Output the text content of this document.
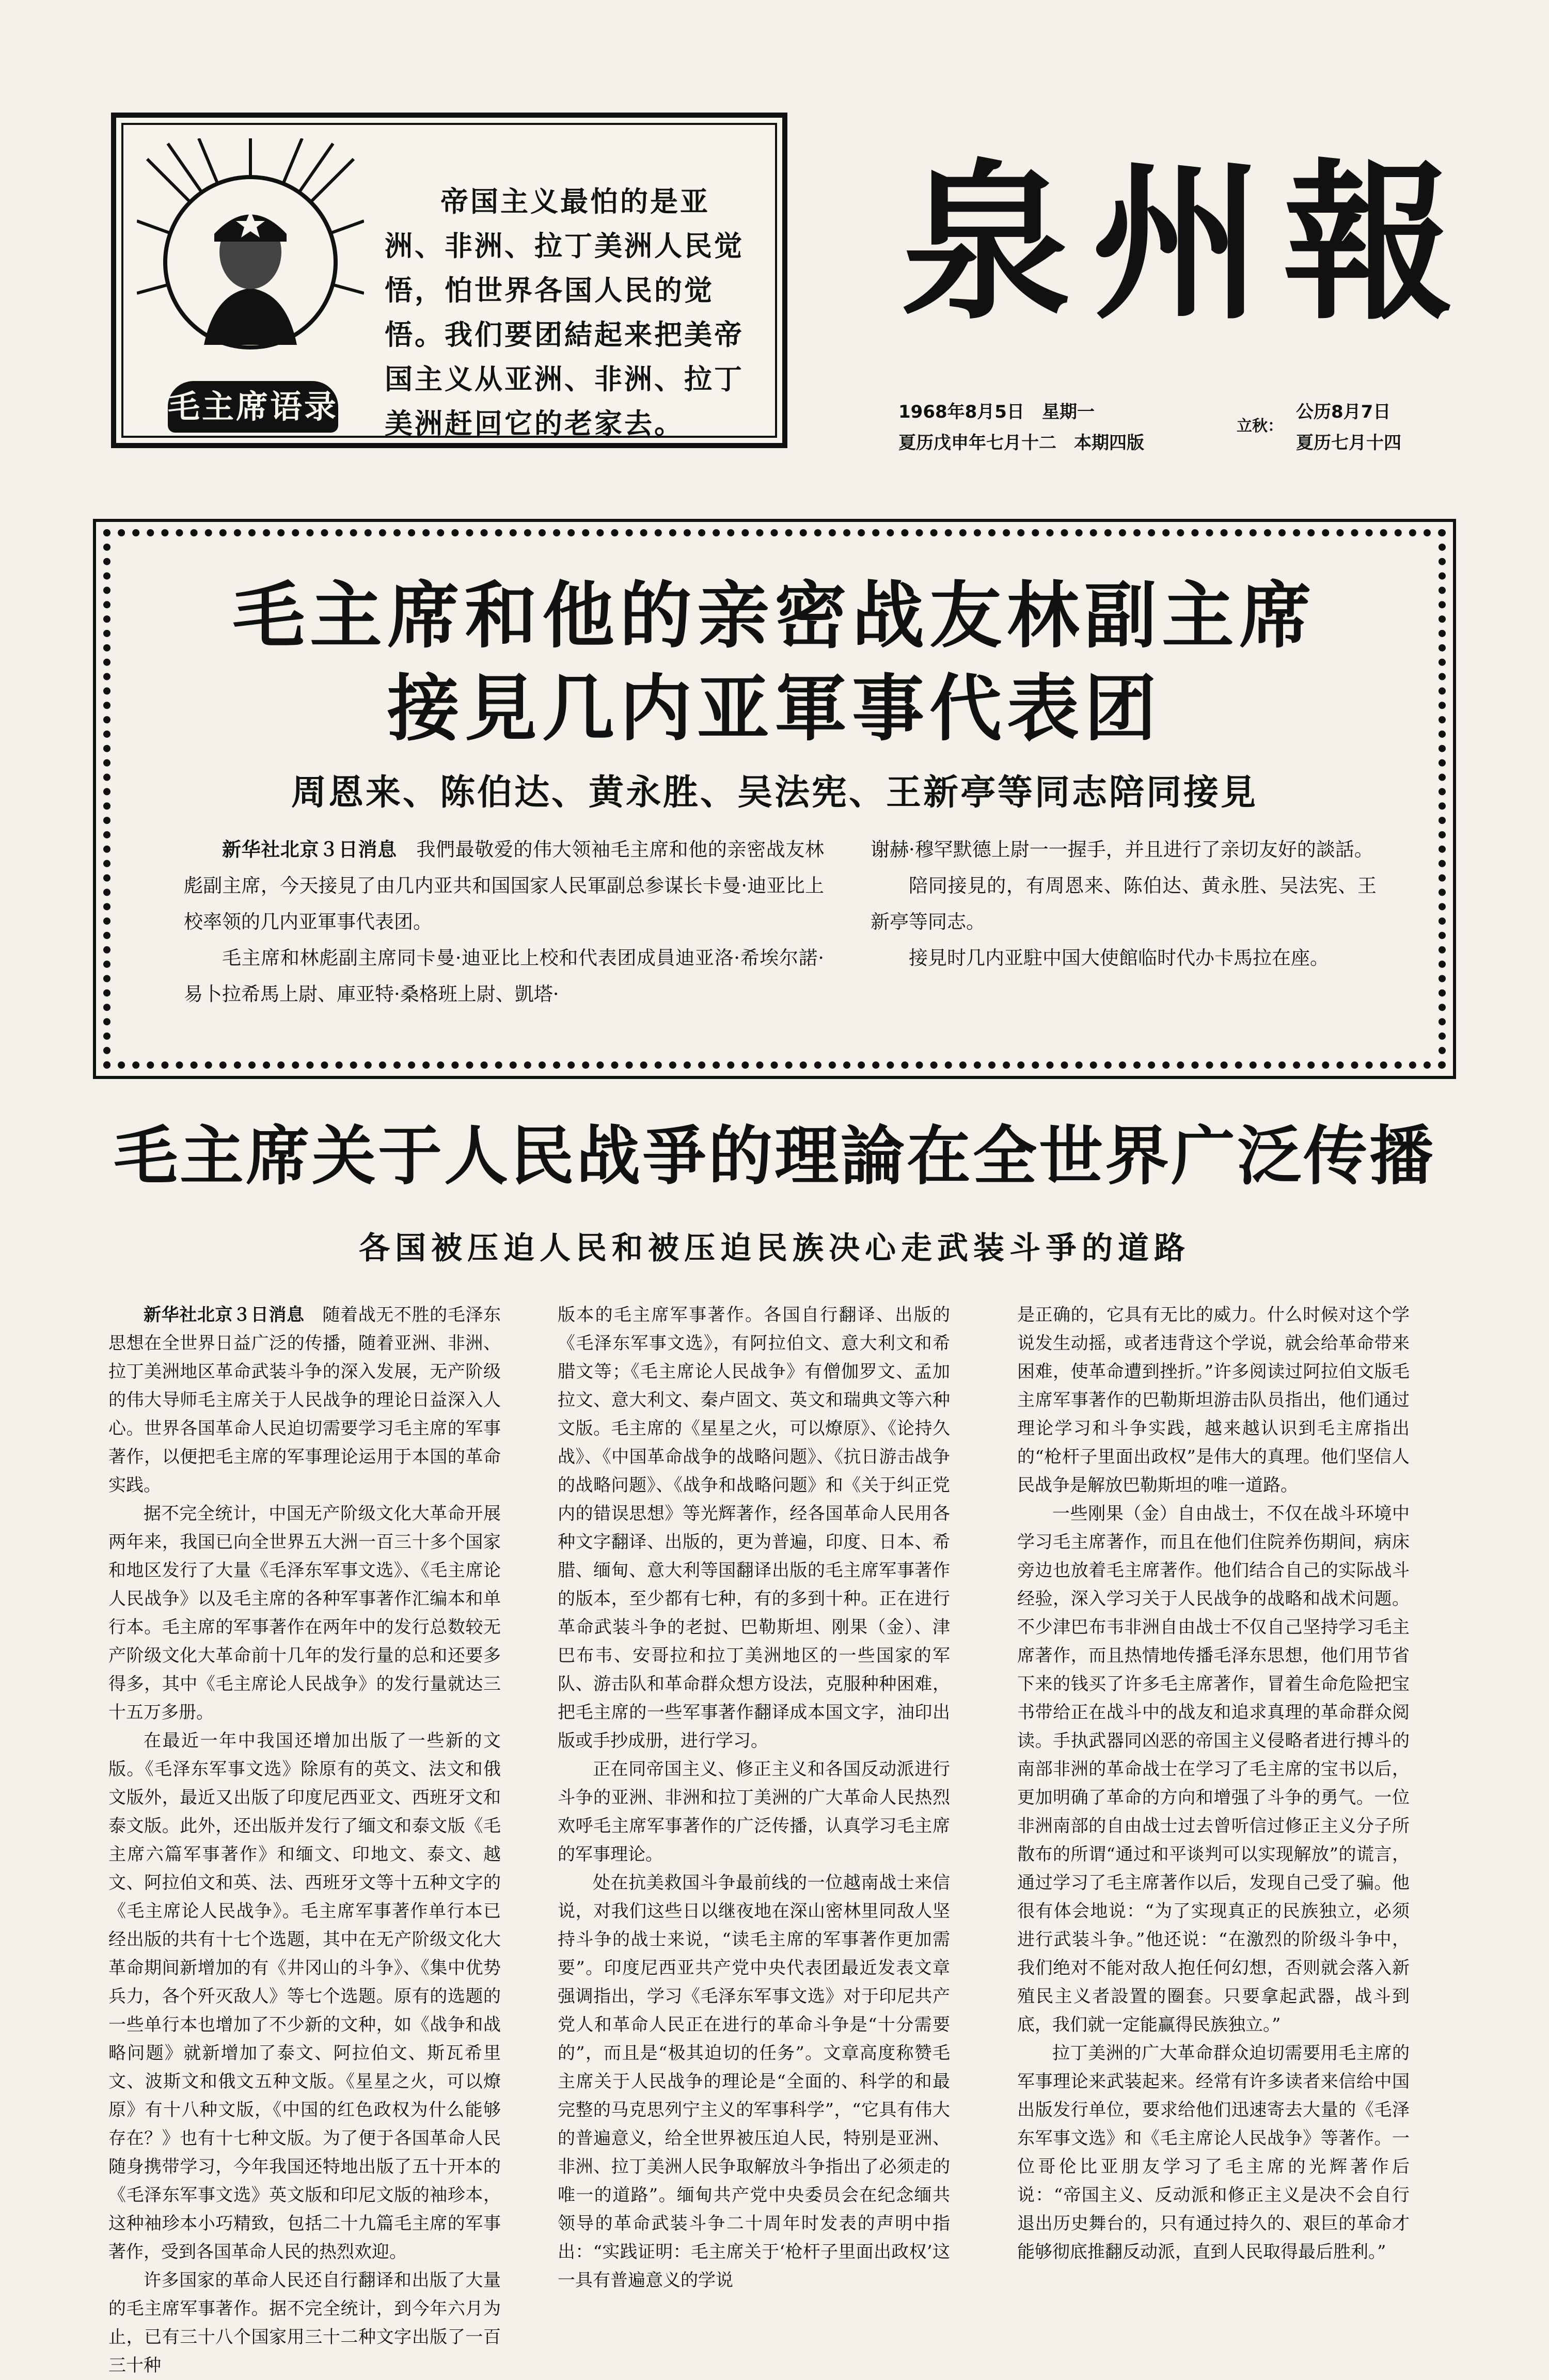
毛主席语录
帝国主义最怕的是亚洲、非洲、拉丁美洲人民觉悟，怕世界各国人民的觉悟。我们要团結起来把美帝国主义从亚洲、非洲、拉丁美洲赶回它的老家去。
泉州報
1968年8月5日　星期一
夏历戊申年七月十二　本期四版
立秋：
公历8月7日
夏历七月十四
毛主席和他的亲密战友林副主席
接見几内亚軍事代表团
周恩来、陈伯达、黄永胜、吴法宪、王新亭等同志陪同接見

新华社北京３日消息　 我們最敬爱的伟大领袖毛主席和他的亲密战友林彪副主席，今天接見了由几内亚共和国国家人民軍副总参谋长卡曼·迪亚比上校率领的几内亚軍事代表团。

毛主席和林彪副主席同卡曼·迪亚比上校和代表团成員迪亚洛·希埃尔諾·易卜拉希馬上尉、庫亚特·桑格班上尉、凱塔·

谢赫·穆罕默德上尉一一握手，并且进行了亲切友好的談話。

陪同接見的，有周恩来、陈伯达、黄永胜、吴法宪、王新亭等同志。

接見时几内亚駐中国大使館临时代办卡馬拉在座。

毛主席关于人民战爭的理論在全世界广泛传播
各国被压迫人民和被压迫民族决心走武装斗爭的道路

新华社北京３日消息　 随着战无不胜的毛泽东思想在全世界日益广泛的传播，随着亚洲、非洲、拉丁美洲地区革命武装斗争的深入发展，无产阶级的伟大导师毛主席关于人民战争的理论日益深入人心。世界各国革命人民迫切需要学习毛主席的军事著作，以便把毛主席的军事理论运用于本国的革命实践。

据不完全统计，中国无产阶级文化大革命开展两年来，我国已向全世界五大洲一百三十多个国家和地区发行了大量《毛泽东军事文选》、《毛主席论人民战争》以及毛主席的各种军事著作汇编本和单行本。毛主席的军事著作在两年中的发行总数较无产阶级文化大革命前十几年的发行量的总和还要多得多，其中《毛主席论人民战争》的发行量就达三十五万多册。

在最近一年中我国还增加出版了一些新的文版。《毛泽东军事文选》除原有的英文、法文和俄文版外，最近又出版了印度尼西亚文、西班牙文和泰文版。此外，还出版并发行了缅文和泰文版《毛主席六篇军事著作》和缅文、印地文、泰文、越文、阿拉伯文和英、法、西班牙文等十五种文字的《毛主席论人民战争》。毛主席军事著作单行本已经出版的共有十七个选题，其中在无产阶级文化大革命期间新增加的有《井冈山的斗争》、《集中优势兵力，各个歼灭敌人》等七个选题。原有的选题的一些单行本也增加了不少新的文种，如《战争和战略问题》就新增加了泰文、阿拉伯文、斯瓦希里文、波斯文和俄文五种文版。《星星之火，可以燎原》有十八种文版，《中国的红色政权为什么能够存在？》也有十七种文版。为了便于各国革命人民随身携带学习，今年我国还特地出版了五十开本的《毛泽东军事文选》英文版和印尼文版的袖珍本，这种袖珍本小巧精致，包括二十九篇毛主席的军事著作，受到各国革命人民的热烈欢迎。

许多国家的革命人民还自行翻译和出版了大量的毛主席军事著作。据不完全统计，到今年六月为止，已有三十八个国家用三十二种文字出版了一百三十种

版本的毛主席军事著作。各国自行翻译、出版的《毛泽东军事文选》，有阿拉伯文、意大利文和希腊文等；《毛主席论人民战争》有僧伽罗文、孟加拉文、意大利文、秦卢固文、英文和瑞典文等六种文版。毛主席的《星星之火，可以燎原》、《论持久战》、《中国革命战争的战略问题》、《抗日游击战争的战略问题》、《战争和战略问题》和《关于纠正党内的错误思想》等光辉著作，经各国革命人民用各种文字翻译、出版的，更为普遍，印度、日本、希腊、缅甸、意大利等国翻译出版的毛主席军事著作的版本，至少都有七种，有的多到十种。正在进行革命武装斗争的老挝、巴勒斯坦、刚果（金）、津巴布韦、安哥拉和拉丁美洲地区的一些国家的军队、游击队和革命群众想方设法，克服种种困难，把毛主席的一些军事著作翻译成本国文字，油印出版或手抄成册，进行学习。

正在同帝国主义、修正主义和各国反动派进行斗争的亚洲、非洲和拉丁美洲的广大革命人民热烈欢呼毛主席军事著作的广泛传播，认真学习毛主席的军事理论。

处在抗美救国斗争最前线的一位越南战士来信说，对我们这些日以继夜地在深山密林里同敌人坚持斗争的战士来说，“读毛主席的军事著作更加需要”。印度尼西亚共产党中央代表团最近发表文章强调指出，学习《毛泽东军事文选》对于印尼共产党人和革命人民正在进行的革命斗争是“十分需要的”，而且是“极其迫切的任务”。文章高度称赞毛主席关于人民战争的理论是“全面的、科学的和最完整的马克思列宁主义的军事科学”，“它具有伟大的普遍意义，给全世界被压迫人民，特别是亚洲、非洲、拉丁美洲人民争取解放斗争指出了必须走的唯一的道路”。缅甸共产党中央委员会在纪念缅共领导的革命武装斗争二十周年时发表的声明中指出：“实践证明：毛主席关于‘枪杆子里面出政权’这一具有普遍意义的学说

是正确的，它具有无比的威力。什么时候对这个学说发生动摇，或者违背这个学说，就会给革命带来困难，使革命遭到挫折。”许多阅读过阿拉伯文版毛主席军事著作的巴勒斯坦游击队员指出，他们通过理论学习和斗争实践，越来越认识到毛主席指出的“枪杆子里面出政权”是伟大的真理。他们坚信人民战争是解放巴勒斯坦的唯一道路。

一些刚果（金）自由战士，不仅在战斗环境中学习毛主席著作，而且在他们住院养伤期间，病床旁边也放着毛主席著作。他们结合自己的实际战斗经验，深入学习关于人民战争的战略和战术问题。不少津巴布韦非洲自由战士不仅自己坚持学习毛主席著作，而且热情地传播毛泽东思想，他们用节省下来的钱买了许多毛主席著作，冒着生命危险把宝书带给正在战斗中的战友和追求真理的革命群众阅读。手执武器同凶恶的帝国主义侵略者进行搏斗的南部非洲的革命战士在学习了毛主席的宝书以后，更加明确了革命的方向和增强了斗争的勇气。一位非洲南部的自由战士过去曾听信过修正主义分子所散布的所谓“通过和平谈判可以实现解放”的谎言，通过学习了毛主席著作以后，发现自己受了骗。他很有体会地说：“为了实现真正的民族独立，必须进行武装斗争。”他还说：“在激烈的阶级斗争中，我们绝对不能对敌人抱任何幻想，否则就会落入新殖民主义者設置的圈套。只要拿起武器，战斗到底，我们就一定能赢得民族独立。”

拉丁美洲的广大革命群众迫切需要用毛主席的军事理论来武装起来。经常有许多读者来信给中国出版发行单位，要求给他们迅速寄去大量的《毛泽东军事文选》和《毛主席论人民战争》等著作。一位哥伦比亚朋友学习了毛主席的光辉著作后说：“帝国主义、反动派和修正主义是决不会自行退出历史舞台的，只有通过持久的、艰巨的革命才能够彻底推翻反动派，直到人民取得最后胜利。”
